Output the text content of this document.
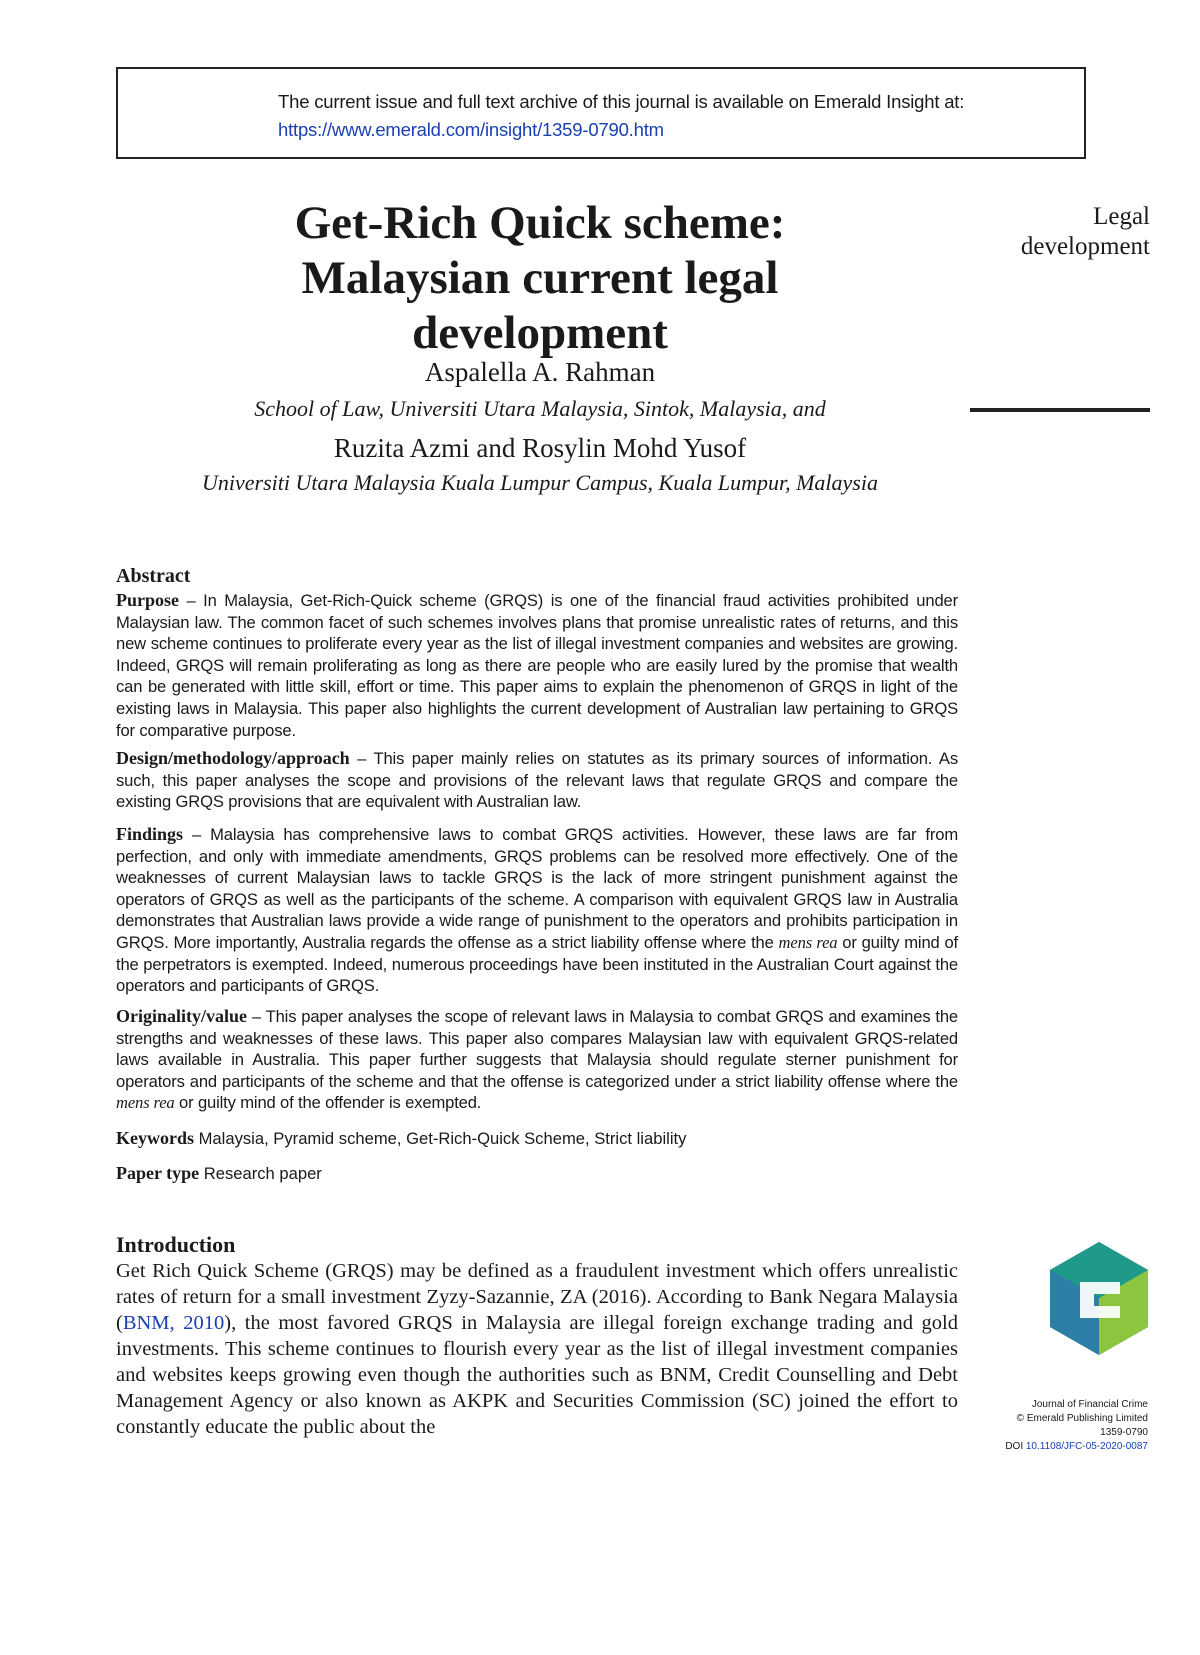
The current issue and full text archive of this journal is available on Emerald Insight at:
https://www.emerald.com/insight/1359-0790.htm
Legal
development
Get-Rich Quick scheme:
Malaysian current legal
development
Aspalella A. Rahman
School of Law, Universiti Utara Malaysia, Sintok, Malaysia, and
Ruzita Azmi and Rosylin Mohd Yusof
Universiti Utara Malaysia Kuala Lumpur Campus, Kuala Lumpur, Malaysia
Abstract
Purpose – In Malaysia, Get-Rich-Quick scheme (GRQS) is one of the financial fraud activities prohibited under Malaysian law. The common facet of such schemes involves plans that promise unrealistic rates of returns, and this new scheme continues to proliferate every year as the list of illegal investment companies and websites are growing. Indeed, GRQS will remain proliferating as long as there are people who are easily lured by the promise that wealth can be generated with little skill, effort or time. This paper aims to explain the phenomenon of GRQS in light of the existing laws in Malaysia. This paper also highlights the current development of Australian law pertaining to GRQS for comparative purpose.
Design/methodology/approach – This paper mainly relies on statutes as its primary sources of information. As such, this paper analyses the scope and provisions of the relevant laws that regulate GRQS and compare the existing GRQS provisions that are equivalent with Australian law.
Findings – Malaysia has comprehensive laws to combat GRQS activities. However, these laws are far from perfection, and only with immediate amendments, GRQS problems can be resolved more effectively. One of the weaknesses of current Malaysian laws to tackle GRQS is the lack of more stringent punishment against the operators of GRQS as well as the participants of the scheme. A comparison with equivalent GRQS law in Australia demonstrates that Australian laws provide a wide range of punishment to the operators and prohibits participation in GRQS. More importantly, Australia regards the offense as a strict liability offense where the mens rea or guilty mind of the perpetrators is exempted. Indeed, numerous proceedings have been instituted in the Australian Court against the operators and participants of GRQS.
Originality/value – This paper analyses the scope of relevant laws in Malaysia to combat GRQS and examines the strengths and weaknesses of these laws. This paper also compares Malaysian law with equivalent GRQS-related laws available in Australia. This paper further suggests that Malaysia should regulate sterner punishment for operators and participants of the scheme and that the offense is categorized under a strict liability offense where the mens rea or guilty mind of the offender is exempted.
Keywords Malaysia, Pyramid scheme, Get-Rich-Quick Scheme, Strict liability
Paper type Research paper
Introduction
Get Rich Quick Scheme (GRQS) may be defined as a fraudulent investment which offers unrealistic rates of return for a small investment Zyzy-Sazannie, ZA (2016). According to Bank Negara Malaysia (BNM, 2010), the most favored GRQS in Malaysia are illegal foreign exchange trading and gold investments. This scheme continues to flourish every year as the list of illegal investment companies and websites keeps growing even though the authorities such as BNM, Credit Counselling and Debt Management Agency or also known as AKPK and Securities Commission (SC) joined the effort to constantly educate the public about the
Journal of Financial Crime
© Emerald Publishing Limited
1359-0790
DOI 10.1108/JFC-05-2020-0087
